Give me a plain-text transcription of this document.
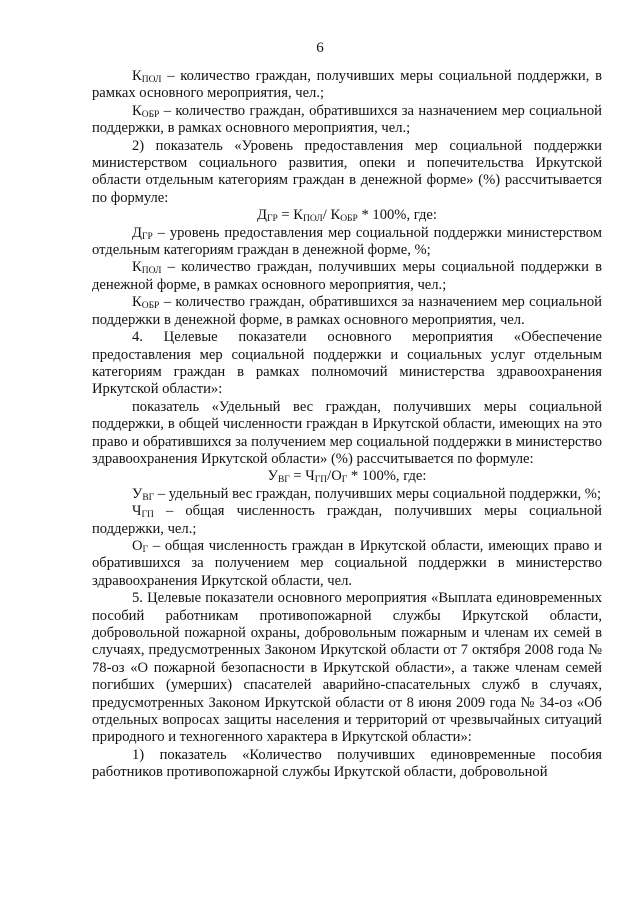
6

$К_{ПОЛ}$ – количество граждан, получивших меры социальной поддержки, в рамках основного мероприятия, чел.;

$К_{ОБР}$ – количество граждан, обратившихся за назначением мер социальной поддержки, в рамках основного мероприятия, чел.;

2) показатель «Уровень предоставления мер социальной поддержки министерством социального развития, опеки и попечительства Иркутской области отдельным категориям граждан в денежной форме» (%) рассчитывается по формуле:

$Д_{ГР} = К_{ПОЛ}/$ $К_{ОБР} * 100\%$, где:

$Д_{ГР}$ – уровень предоставления мер социальной поддержки министерством отдельным категориям граждан в денежной форме, %;

$К_{ПОЛ}$ – количество граждан, получивших меры социальной поддержки в денежной форме, в рамках основного мероприятия, чел.;

$К_{ОБР}$ – количество граждан, обратившихся за назначением мер социальной поддержки в денежной форме, в рамках основного мероприятия, чел.

4. Целевые показатели основного мероприятия «Обеспечение предоставления мер социальной поддержки и социальных услуг отдельным категориям граждан в рамках полномочий министерства здравоохранения Иркутской области»:

показатель «Удельный вес граждан, получивших меры социальной поддержки, в общей численности граждан в Иркутской области, имеющих на это право и обратившихся за получением мер социальной поддержки в министерство здравоохранения Иркутской области» (%) рассчитывается по формуле:

$У_{ВГ} = Ч_{ГП}/О_Г * 100\%$, где:

$У_{ВГ}$ – удельный вес граждан, получивших меры социальной поддержки, %;

$Ч_{ГП}$ – общая численность граждан, получивших меры социальной поддержки, чел.;

$О_Г$ – общая численность граждан в Иркутской области, имеющих право и обратившихся за получением мер социальной поддержки в министерство здравоохранения Иркутской области, чел.

5. Целевые показатели основного мероприятия «Выплата единовременных пособий работникам противопожарной службы Иркутской области, добровольной пожарной охраны, добровольным пожарным и членам их семей в случаях, предусмотренных Законом Иркутской области от 7 октября 2008 года № 78-оз «О пожарной безопасности в Иркутской области», а также членам семей погибших (умерших) спасателей аварийно-спасательных служб в случаях, предусмотренных Законом Иркутской области от 8 июня 2009 года № 34-оз «Об отдельных вопросах защиты населения и территорий от чрезвычайных ситуаций природного и техногенного характера в Иркутской области»:

1) показатель «Количество получивших единовременные пособия работников противопожарной службы Иркутской области, добровольной
